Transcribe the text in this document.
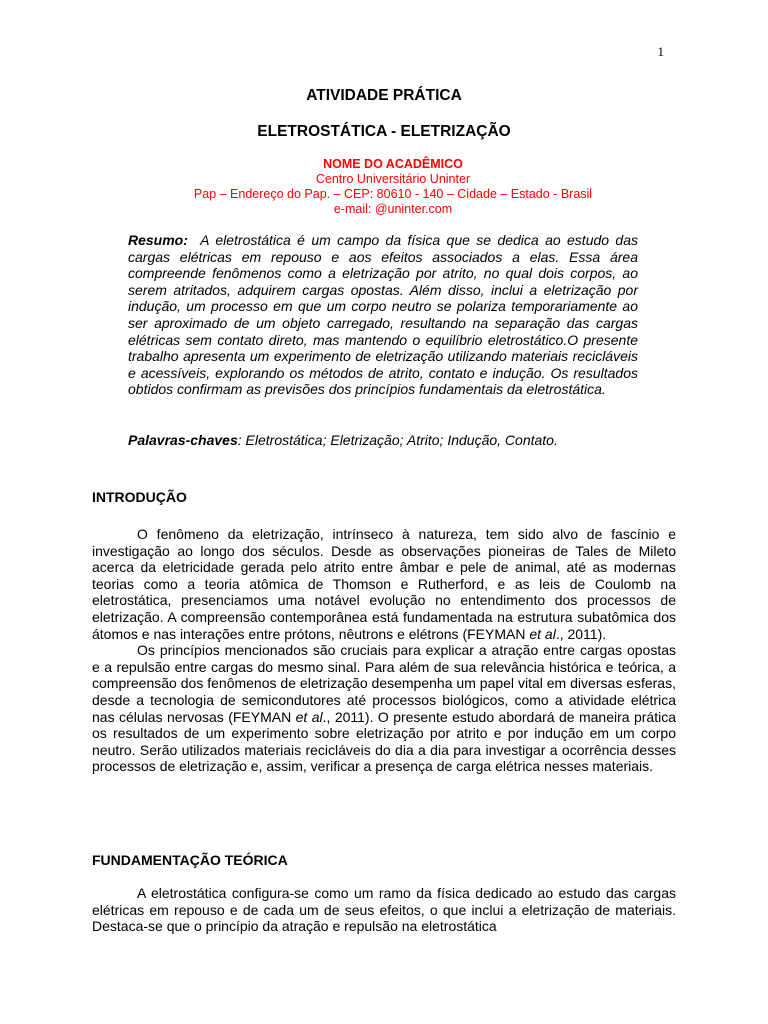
1
ATIVIDADE PRÁTICA
ELETROSTÁTICA - ELETRIZAÇÃO
NOME DO ACADÊMICO
Centro Universitário Uninter
Pap – Endereço do Pap. – CEP: 80610 - 140 – Cidade – Estado - Brasil
e-mail: @uninter.com
Resumo: A eletrostática é um campo da física que se dedica ao estudo das cargas elétricas em repouso e aos efeitos associados a elas. Essa área compreende fenômenos como a eletrização por atrito, no qual dois corpos, ao serem atritados, adquirem cargas opostas. Além disso, inclui a eletrização por indução, um processo em que um corpo neutro se polariza temporariamente ao ser aproximado de um objeto carregado, resultando na separação das cargas elétricas sem contato direto, mas mantendo o equilíbrio eletrostático.O presente trabalho apresenta um experimento de eletrização utilizando materiais recicláveis e acessíveis, explorando os métodos de atrito, contato e indução. Os resultados obtidos confirmam as previsões dos princípios fundamentais da eletrostática.
Palavras-chaves: Eletrostática; Eletrização; Atrito; Indução, Contato.
INTRODUÇÃO

O fenômeno da eletrização, intrínseco à natureza, tem sido alvo de fascínio e investigação ao longo dos séculos. Desde as observações pioneiras de Tales de Mileto acerca da eletricidade gerada pelo atrito entre âmbar e pele de animal, até as modernas teorias como a teoria atômica de Thomson e Rutherford, e as leis de Coulomb na eletrostática, presenciamos uma notável evolução no entendimento dos processos de eletrização. A compreensão contemporânea está fundamentada na estrutura subatômica dos átomos e nas interações entre prótons, nêutrons e elétrons (FEYMAN et al., 2011).

Os princípios mencionados são cruciais para explicar a atração entre cargas opostas e a repulsão entre cargas do mesmo sinal. Para além de sua relevância histórica e teórica, a compreensão dos fenômenos de eletrização desempenha um papel vital em diversas esferas, desde a tecnologia de semicondutores até processos biológicos, como a atividade elétrica nas células nervosas (FEYMAN et al., 2011). O presente estudo abordará de maneira prática os resultados de um experimento sobre eletrização por atrito e por indução em um corpo neutro. Serão utilizados materiais recicláveis do dia a dia para investigar a ocorrência desses processos de eletrização e, assim, verificar a presença de carga elétrica nesses materiais.

FUNDAMENTAÇÃO TEÓRICA

A eletrostática configura-se como um ramo da física dedicado ao estudo das cargas elétricas em repouso e de cada um de seus efeitos, o que inclui a eletrização de materiais. Destaca-se que o princípio da atração e repulsão na eletrostática
